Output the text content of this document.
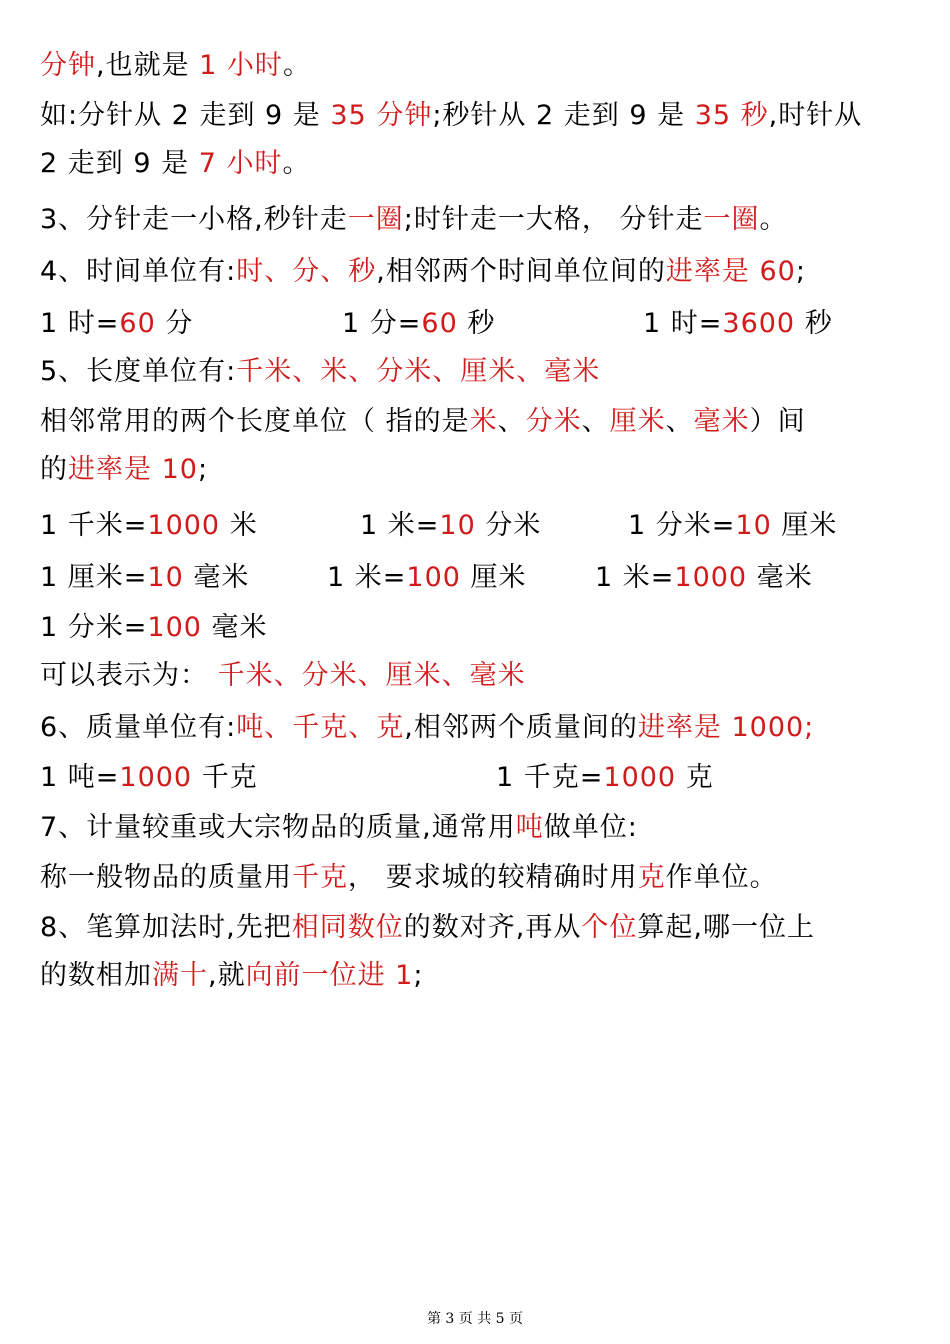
第 3 页 共 5 页
分钟,也就是 1 小时。
如:分针从 2 走到 9 是 35 分钟;秒针从 2 走到 9 是 35 秒,时针从
2 走到 9 是 7 小时。
3、分针走一小格,秒针走一圈;时针走一大格， 分针走一圈。
4、时间单位有:时、分、秒,相邻两个时间单位间的进率是 60;
5、长度单位有:千米、米、分米、厘米、毫米
相邻常用的两个长度单位（ 指的是米、分米、厘米、毫米）间
的进率是 10;
可以表示为： 千米、分米、厘米、毫米
6、质量单位有:吨、千克、克,相邻两个质量间的进率是 1000;
7、计量较重或大宗物品的质量,通常用吨做单位:
称一般物品的质量用千克， 要求城的较精确时用克作单位。
8、笔算加法时,先把相同数位的数对齐,再从个位算起,哪一位上
的数相加满十,就向前一位进 1;
1 时=60 分	1 分=60 秒	1 时=3600 秒
1 千米=1000 米	1 米=10 分米	1 分米=10 厘米
1 厘米=10 毫米	1 米=100 厘米	1 米=1000 毫米
1 分米=100 毫米
1 吨=1000 千克	1 千克=1000 克
